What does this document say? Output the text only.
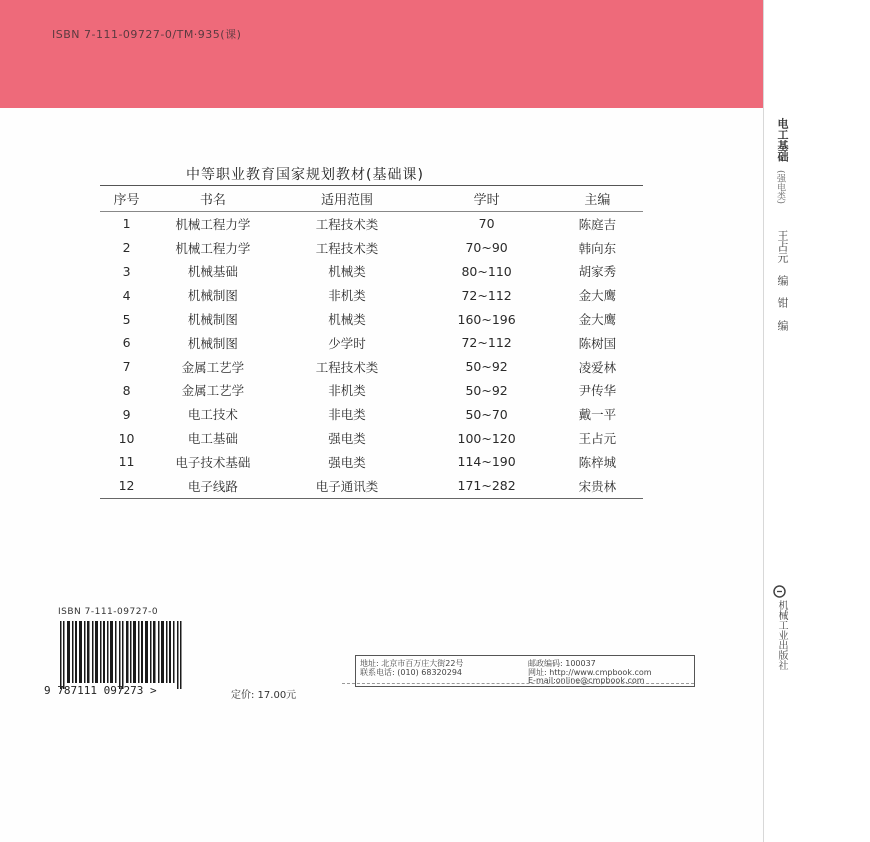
ISBN 7-111-09727-0/TM·935(课)
中等职业教育国家规划教材(基础课)
序号	书名	适用范围	学时	主编
1	机械工程力学	工程技术类	70	陈庭吉
2	机械工程力学	工程技术类	70~90	韩向东
3	机械基础	机械类	80~110	胡家秀
4	机械制图	非机类	72~112	金大鹰
5	机械制图	机械类	160~196	金大鹰
6	机械制图	少学时	72~112	陈树国
7	金属工艺学	工程技术类	50~92	凌爱林
8	金属工艺学	非机类	50~92	尹传华
9	电工技术	非电类	50~70	戴一平
10	电工基础	强电类	100~120	王占元
11	电子技术基础	强电类	114~190	陈梓城
12	电子线路	电子通讯类	171~282	宋贵林
ISBN 7-111-09727-0
9 787111 097273 >	定价: 17.00元
地址: 北京市百万庄大街22号	邮政编码: 100037
联系电话: (010) 68320294	网址: http://www.cmpbook.com
E-mail:online@cmpbook.com
电工基础
(强电类)
王占元
编
钳
编
机械工业出版社
